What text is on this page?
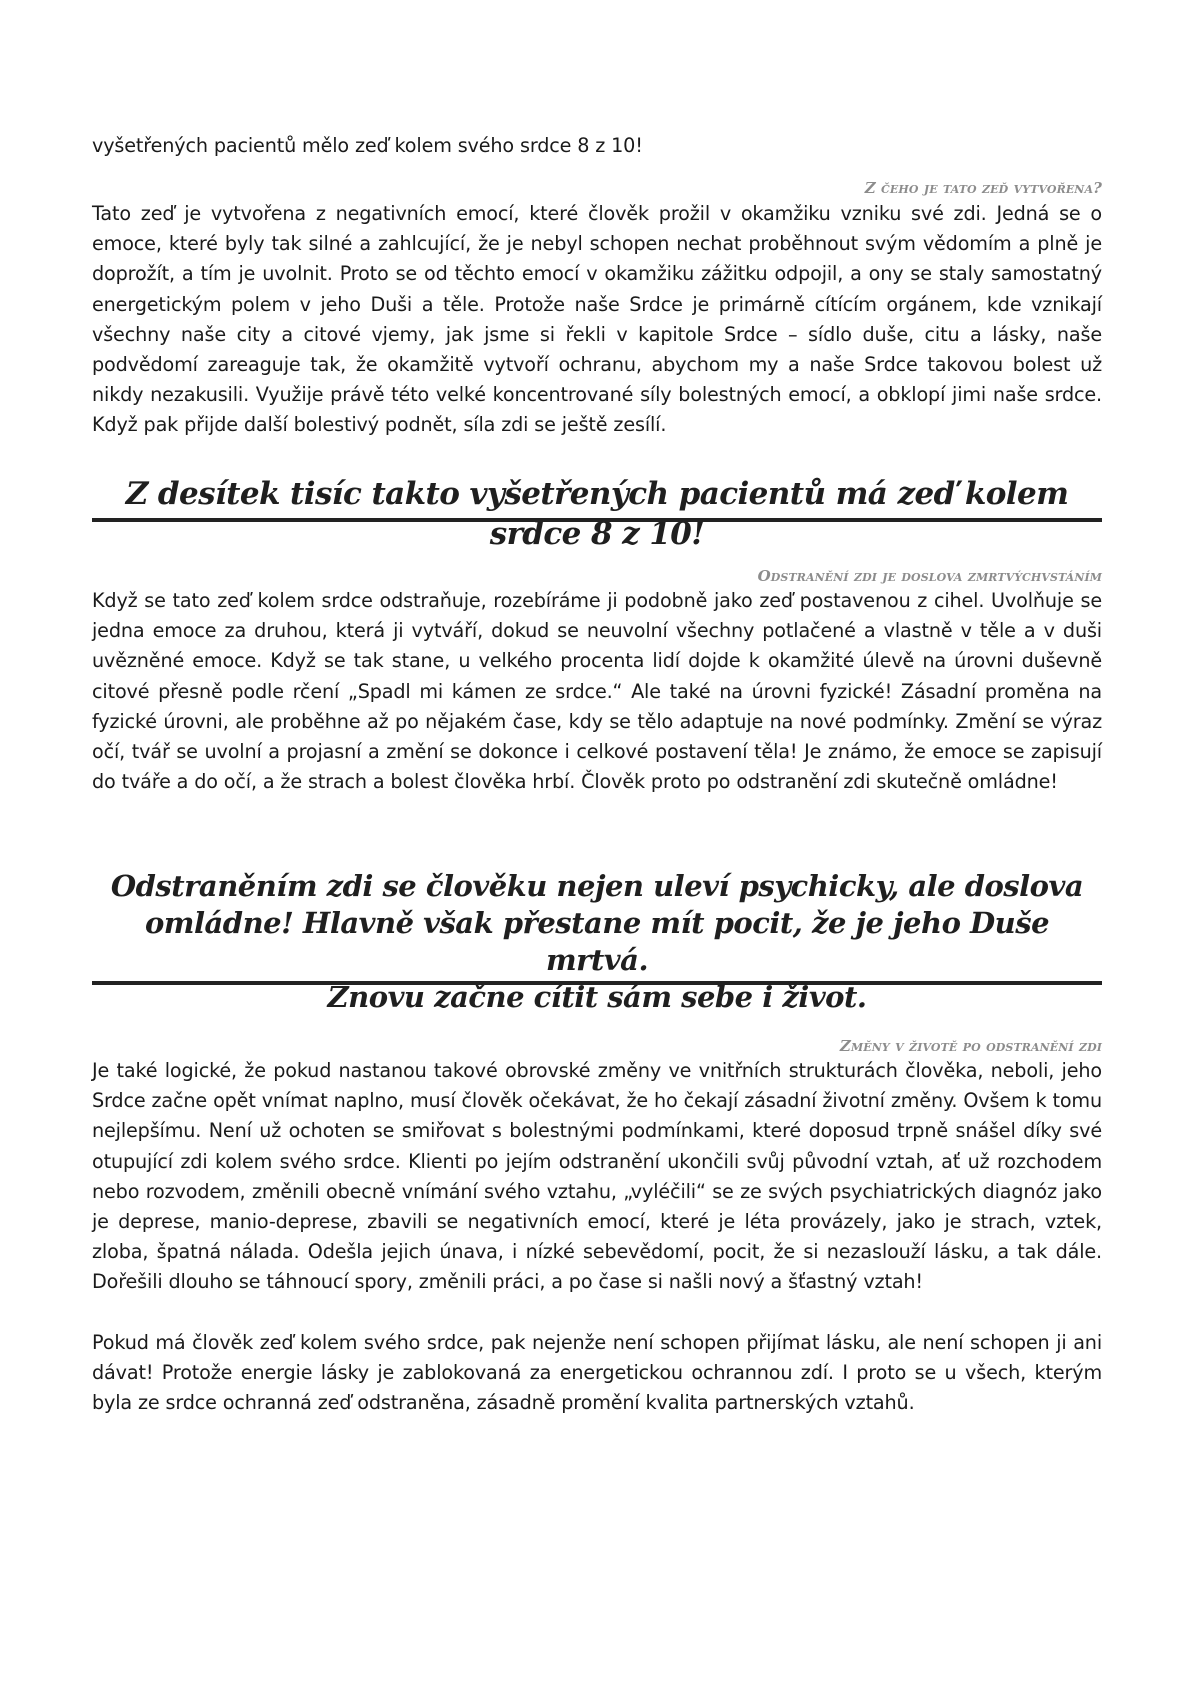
vyšetřených pacientů mělo zeď kolem svého srdce 8 z 10!

Z čeho je tato zeď vytvořena?

Tato zeď je vytvořena z negativních emocí, které člověk prožil v okamžiku vzniku své zdi. Jedná se o emoce, které byly tak silné a zahlcující, že je nebyl schopen nechat proběhnout svým vědomím a plně je doprožít, a tím je uvolnit. Proto se od těchto emocí v okamžiku zážitku odpojil, a ony se staly samostatný energetickým polem v jeho Duši a těle. Protože naše Srdce je primárně cítícím orgánem, kde vznikají všechny naše city a citové vjemy, jak jsme si řekli v kapitole Srdce – sídlo duše, citu a lásky, naše podvědomí zareaguje tak, že okamžitě vytvoří ochranu, abychom my a naše Srdce takovou bolest už nikdy nezakusili. Využije právě této velké koncentrované síly bolestných emocí, a obklopí jimi naše srdce. Když pak přijde další bolestivý podnět, síla zdi se ještě zesílí.

Z desítek tisíc takto vyšetřených pacientů má zeď kolem srdce 8 z 10!

Odstranění zdi je doslova zmrtvýchvstáním

Když se tato zeď kolem srdce odstraňuje, rozebíráme ji podobně jako zeď postavenou z cihel. Uvolňuje se jedna emoce za druhou, která ji vytváří, dokud se neuvolní všechny potlačené a vlastně v těle a v duši uvězněné emoce. Když se tak stane, u velkého procenta lidí dojde k okamžité úlevě na úrovni duševně citové přesně podle rčení „Spadl mi kámen ze srdce.“ Ale také na úrovni fyzické! Zásadní proměna na fyzické úrovni, ale proběhne až po nějakém čase, kdy se tělo adaptuje na nové podmínky. Změní se výraz očí, tvář se uvolní a projasní a změní se dokonce i celkové postavení těla! Je známo, že emoce se zapisují do tváře a do očí, a že strach a bolest člověka hrbí. Člověk proto po odstranění zdi skutečně omládne!

Odstraněním zdi se člověku nejen uleví psychicky, ale doslova

omládne! Hlavně však přestane mít pocit, že je jeho Duše mrtvá.

Znovu začne cítit sám sebe i život.

Změny v životě po odstranění zdi

Je také logické, že pokud nastanou takové obrovské změny ve vnitřních strukturách člověka, neboli, jeho Srdce začne opět vnímat naplno, musí člověk očekávat, že ho čekají zásadní životní změny. Ovšem k tomu nejlepšímu. Není už ochoten se smiřovat s bolestnými podmínkami, které doposud trpně snášel díky své otupující zdi kolem svého srdce. Klienti po jejím odstranění ukončili svůj původní vztah, ať už rozchodem nebo rozvodem, změnili obecně vnímání svého vztahu, „vyléčili“ se ze svých psychiatrických diagnóz jako je deprese, manio-deprese, zbavili se negativních emocí, které je léta provázely, jako je strach, vztek, zloba, špatná nálada. Odešla jejich únava, i nízké sebevědomí, pocit, že si nezaslouží lásku, a tak dále. Dořešili dlouho se táhnoucí spory, změnili práci, a po čase si našli nový a šťastný vztah!

Pokud má člověk zeď kolem svého srdce, pak nejenže není schopen přijímat lásku, ale není schopen ji ani dávat! Protože energie lásky je zablokovaná za energetickou ochrannou zdí. I proto se u všech, kterým byla ze srdce ochranná zeď odstraněna, zásadně promění kvalita partnerských vztahů.
